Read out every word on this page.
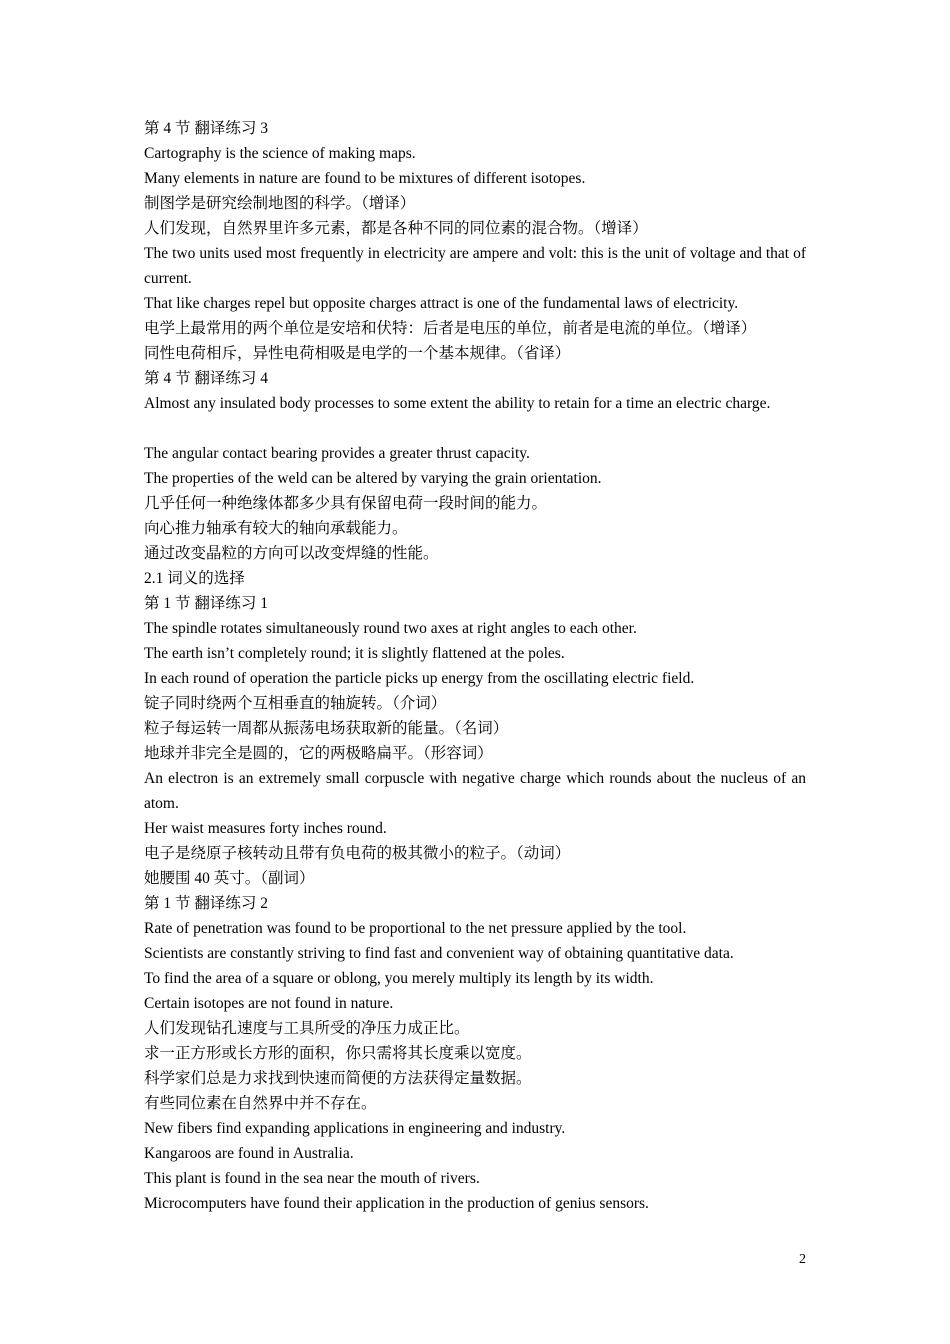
第 4 节 翻译练习 3
Cartography is the science of making maps.
Many elements in nature are found to be mixtures of different isotopes.
制图学是研究绘制地图的科学。（增译）
人们发现，自然界里许多元素，都是各种不同的同位素的混合物。（增译）
The two units used most frequently in electricity are ampere and volt: this is the unit of voltage and that of current.
That like charges repel but opposite charges attract is one of the fundamental laws of electricity.
电学上最常用的两个单位是安培和伏特：后者是电压的单位，前者是电流的单位。（增译）
同性电荷相斥，异性电荷相吸是电学的一个基本规律。（省译）
第 4 节 翻译练习 4
Almost any insulated body processes to some extent the ability to retain for a time an electric charge.
The angular contact bearing provides a greater thrust capacity.
The properties of the weld can be altered by varying the grain orientation.
几乎任何一种绝缘体都多少具有保留电荷一段时间的能力。
向心推力轴承有较大的轴向承载能力。
通过改变晶粒的方向可以改变焊缝的性能。
2.1 词义的选择
第 1 节 翻译练习 1
The spindle rotates simultaneously round two axes at right angles to each other.
The earth isn’t completely round; it is slightly flattened at the poles.
In each round of operation the particle picks up energy from the oscillating electric field.
锭子同时绕两个互相垂直的轴旋转。（介词）
粒子每运转一周都从振荡电场获取新的能量。（名词）
地球并非完全是圆的，它的两极略扁平。（形容词）
An electron is an extremely small corpuscle with negative charge which rounds about the nucleus of an atom.
Her waist measures forty inches round.
电子是绕原子核转动且带有负电荷的极其微小的粒子。（动词）
她腰围 40 英寸。（副词）
第 1 节 翻译练习 2
Rate of penetration was found to be proportional to the net pressure applied by the tool.
Scientists are constantly striving to find fast and convenient way of obtaining quantitative data.
To find the area of a square or oblong, you merely multiply its length by its width.
Certain isotopes are not found in nature.
人们发现钻孔速度与工具所受的净压力成正比。
求一正方形或长方形的面积，你只需将其长度乘以宽度。
科学家们总是力求找到快速而简便的方法获得定量数据。
有些同位素在自然界中并不存在。
New fibers find expanding applications in engineering and industry.
Kangaroos are found in Australia.
This plant is found in the sea near the mouth of rivers.
Microcomputers have found their application in the production of genius sensors.
2
